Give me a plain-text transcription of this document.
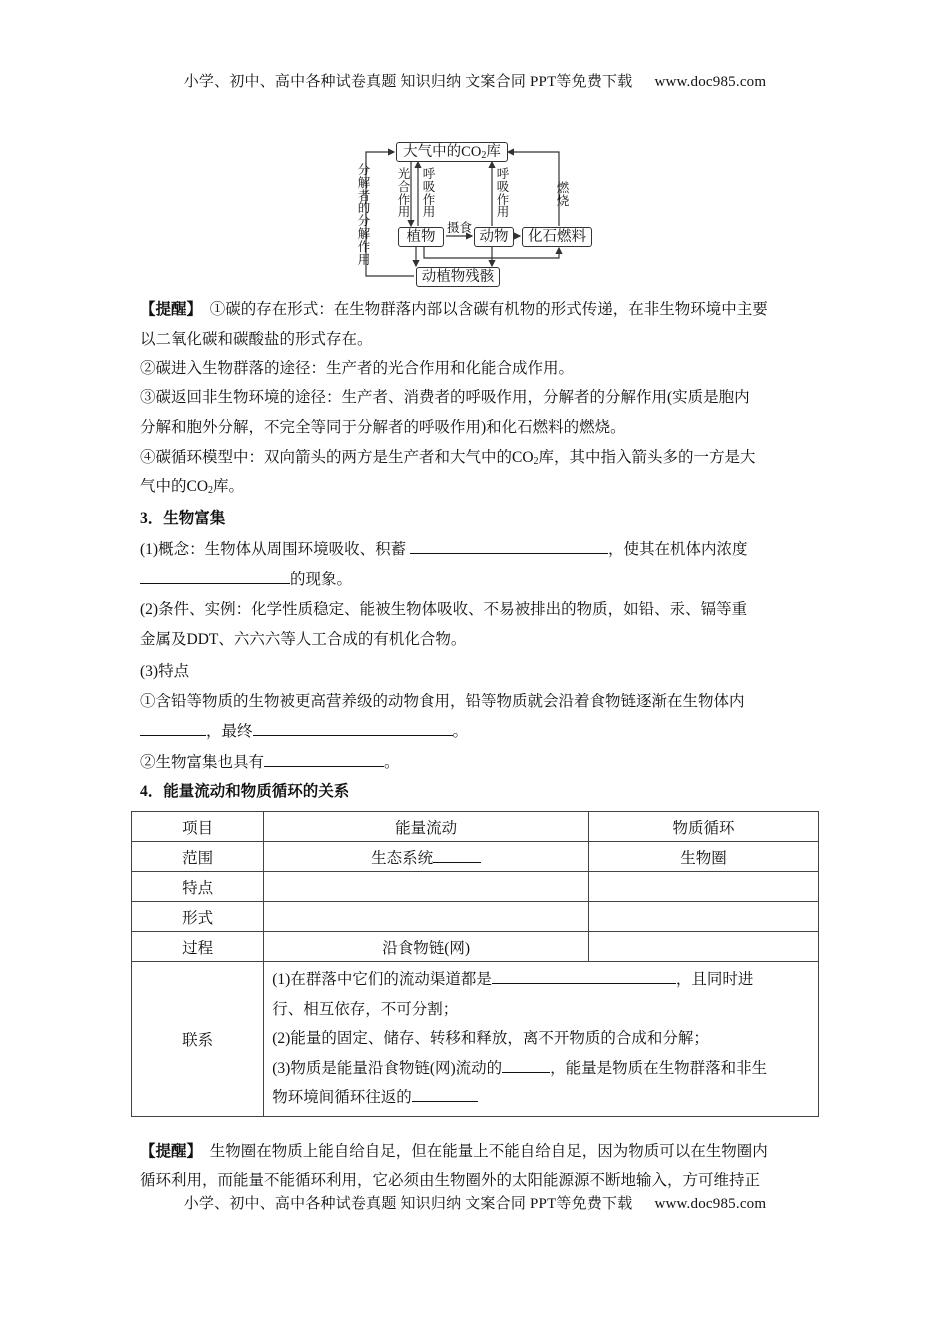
小学、初中、高中各种试卷真题 知识归纳 文案合同 PPT等免费下载 www.doc985.com
大气中的$CO_2$库
植物	动物	化石燃料
动植物残骸
分解者的分解作用
光合作用
呼吸作用
呼吸作用
燃烧
摄食
【提醒】 ①碳的存在形式：在生物群落内部以含碳有机物的形式传递，在非生物环境中主要
以二氧化碳和碳酸盐的形式存在。
②碳进入生物群落的途径：生产者的光合作用和化能合成作用。
③碳返回非生物环境的途径：生产者、消费者的呼吸作用，分解者的分解作用(实质是胞内
分解和胞外分解，不完全等同于分解者的呼吸作用)和化石燃料的燃烧。
④碳循环模型中：双向箭头的两方是生产者和大气中的$CO_2$库，其中指入箭头多的一方是大
气中的$CO_2$库。
3．生物富集
(1)概念：生物体从周围环境吸收、积蓄	，使其在机体内浓度
的现象。
(2)条件、实例：化学性质稳定、能被生物体吸收、不易被排出的物质，如铅、汞、镉等重
金属及DDT、六六六等人工合成的有机化合物。
(3)特点
①含铅等物质的生物被更高营养级的动物食用，铅等物质就会沿着食物链逐渐在生物体内
，最终	。
②生物富集也具有	。
4．能量流动和物质循环的关系
项目	能量流动	物质循环
范围	生态系统	生物圈
特点		
形式		
过程	沿食物链(网)	
联系	(1)在群落中它们的流动渠道都是 ，且同时进
行、相互依存，不可分割；
(2)能量的固定、储存、转移和释放，离不开物质的合成和分解；
(3)物质是能量沿食物链(网)流动的 ，能量是物质在生物群落和非生
物环境间循环往返的	
【提醒】 生物圈在物质上能自给自足，但在能量上不能自给自足，因为物质可以在生物圈内
循环利用，而能量不能循环利用，它必须由生物圈外的太阳能源源不断地输入，方可维持正
小学、初中、高中各种试卷真题 知识归纳 文案合同 PPT等免费下载 www.doc985.com
